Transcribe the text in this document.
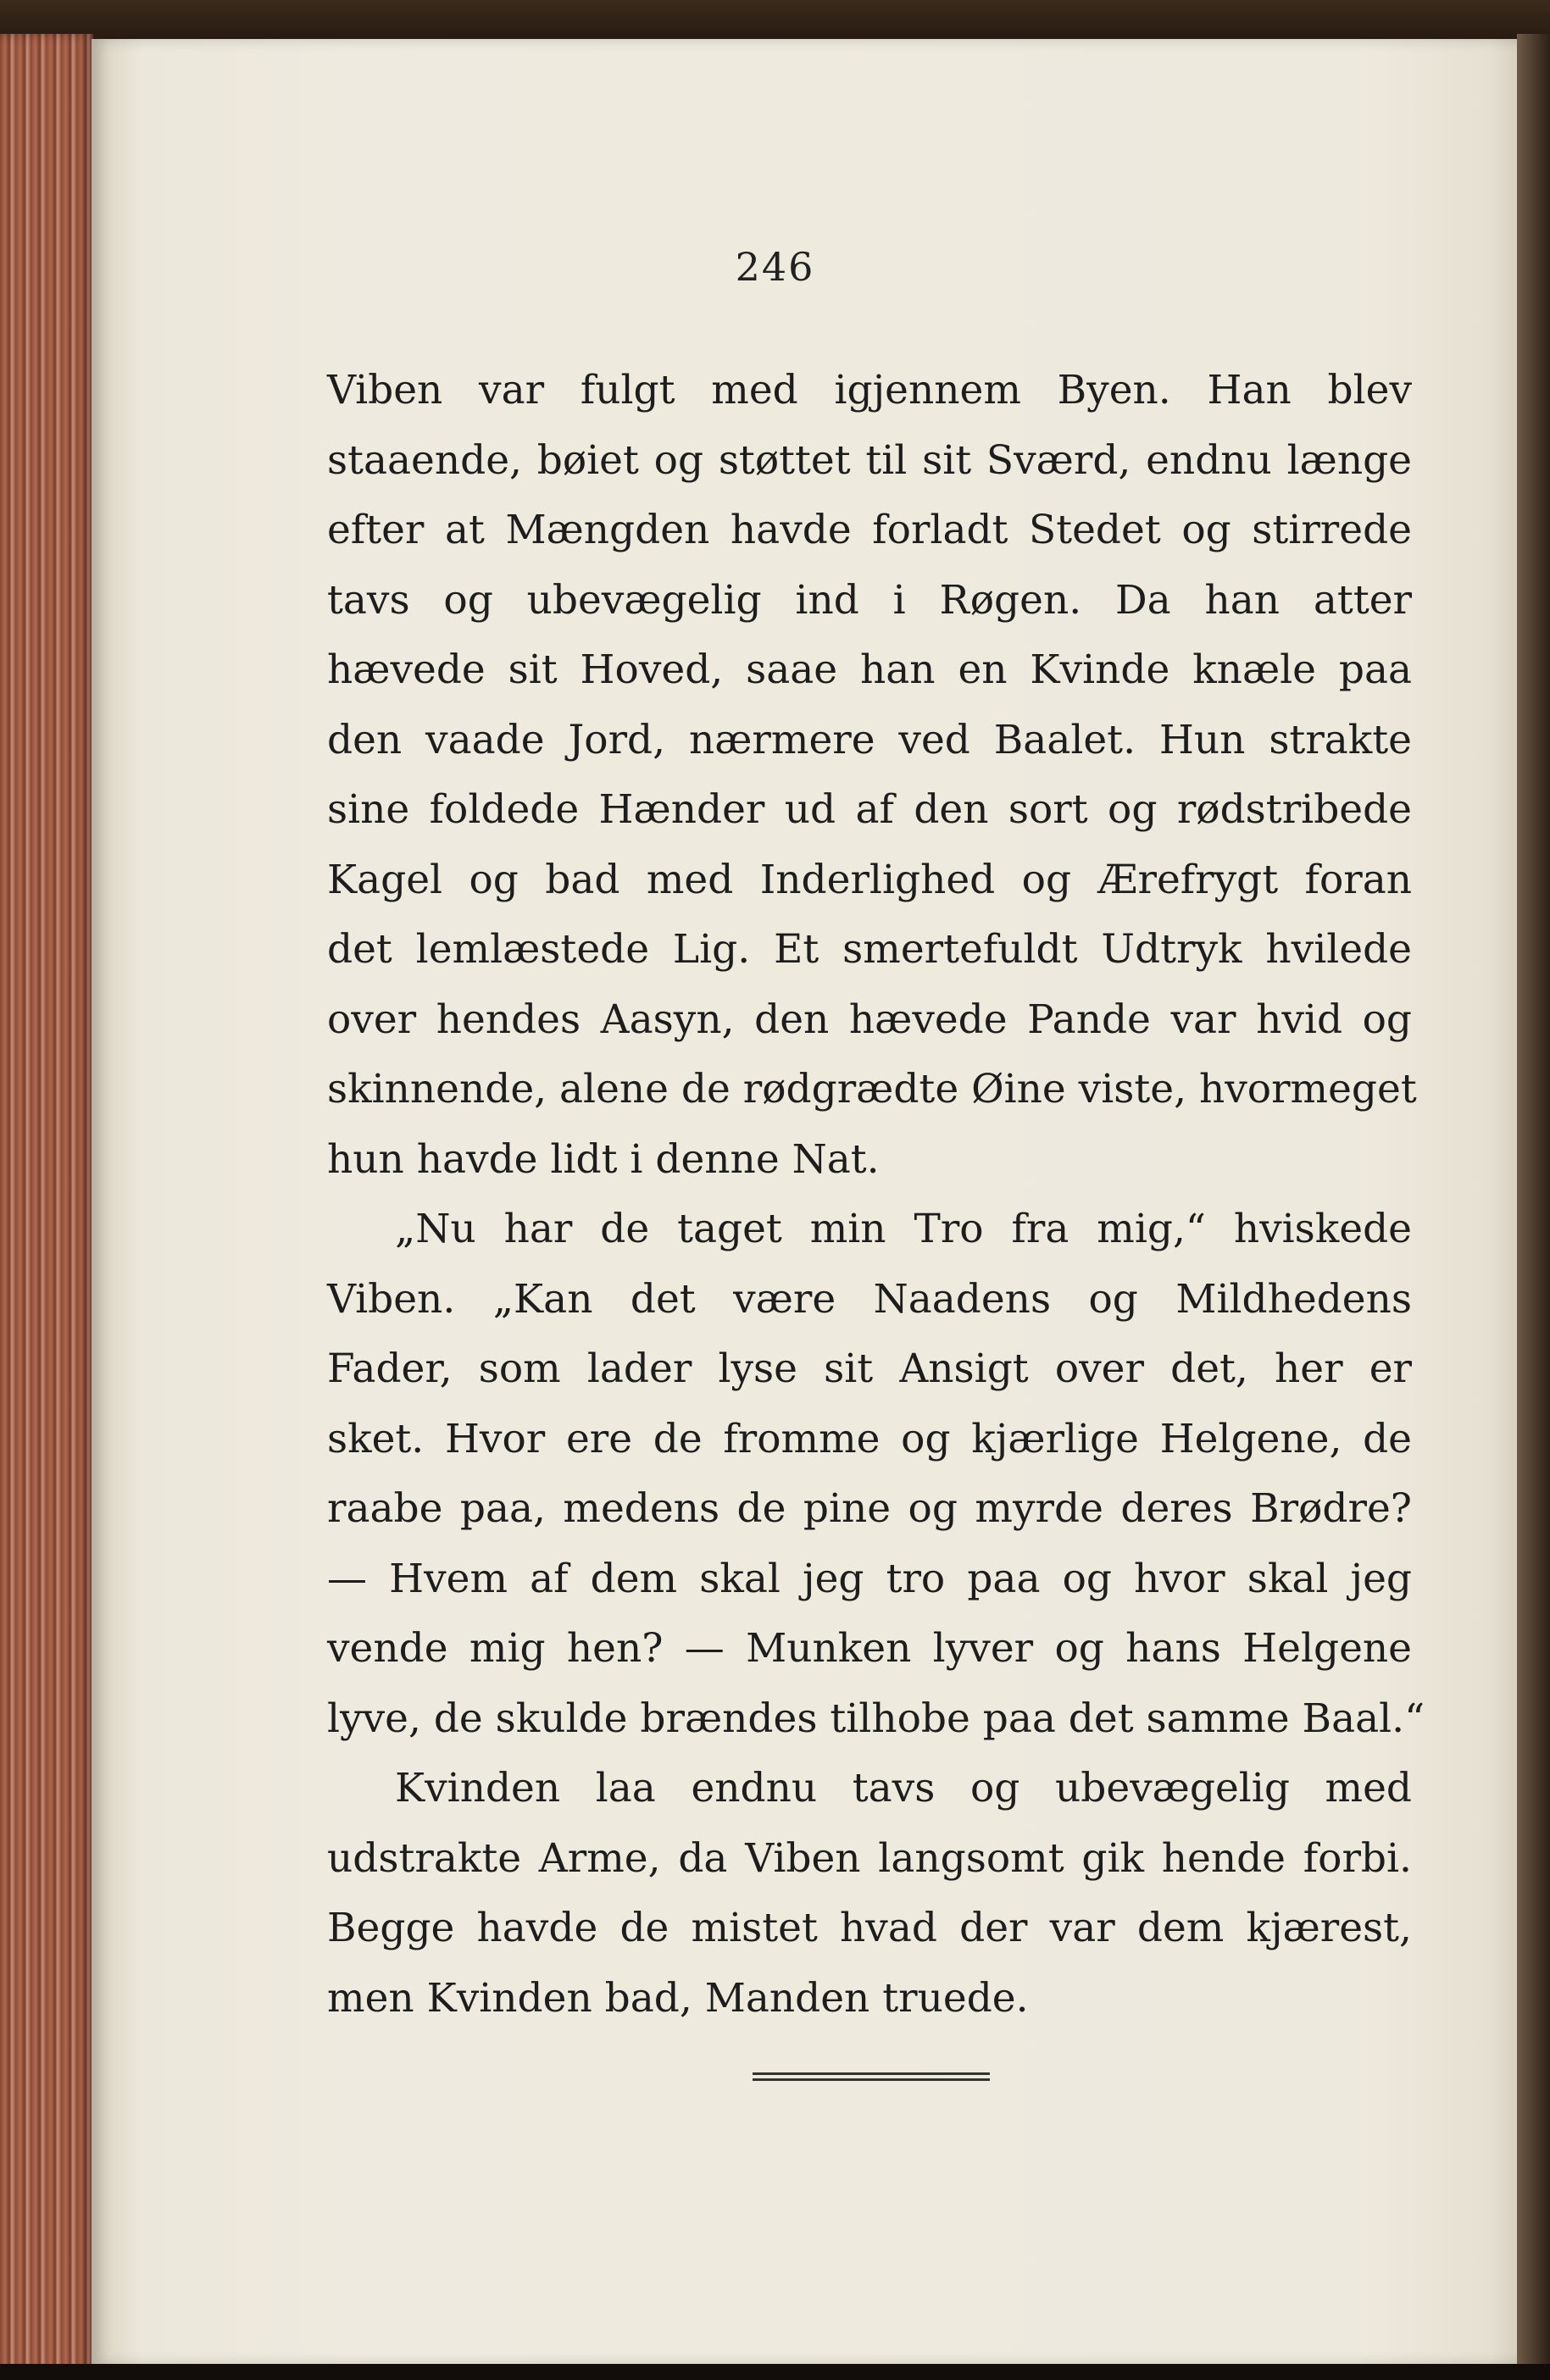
246
Viben var fulgt med igjennem Byen. Han blev
staaende, bøiet og støttet til sit Sværd, endnu længe
efter at Mængden havde forladt Stedet og stirrede
tavs og ubevægelig ind i Røgen. Da han atter
hævede sit Hoved, saae han en Kvinde knæle paa
den vaade Jord, nærmere ved Baalet. Hun strakte
sine foldede Hænder ud af den sort og rødstribede
Kagel og bad med Inderlighed og Ærefrygt foran
det lemlæstede Lig. Et smertefuldt Udtryk hvilede
over hendes Aasyn, den hævede Pande var hvid og
skinnende, alene de rødgrædte Øine viste, hvormeget
hun havde lidt i denne Nat.
„Nu har de taget min Tro fra mig,“ hviskede
Viben. „Kan det være Naadens og Mildhedens
Fader, som lader lyse sit Ansigt over det, her er
sket. Hvor ere de fromme og kjærlige Helgene, de
raabe paa, medens de pine og myrde deres Brødre?
— Hvem af dem skal jeg tro paa og hvor skal jeg
vende mig hen? — Munken lyver og hans Helgene
lyve, de skulde brændes tilhobe paa det samme Baal.“
Kvinden laa endnu tavs og ubevægelig med
udstrakte Arme, da Viben langsomt gik hende forbi.
Begge havde de mistet hvad der var dem kjærest,
men Kvinden bad, Manden truede.
